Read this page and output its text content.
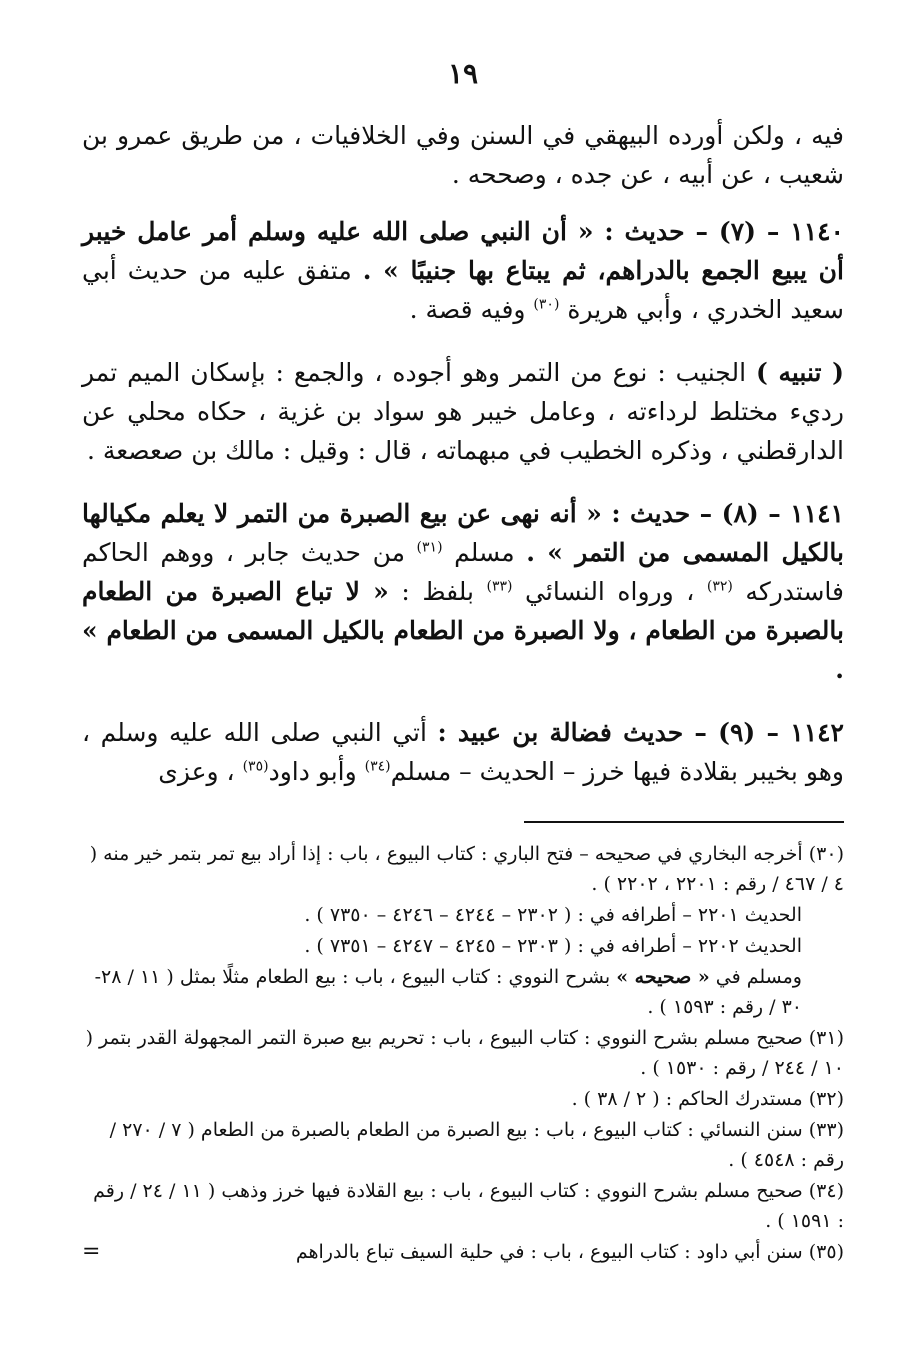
١٩

فيه ، ولكن أورده البيهقي في السنن وفي الخلافيات ، من طريق عمرو بن شعيب ، عن أبيه ، عن جده ، وصححه .

١١٤٠ – (٧) – حديث : « أن النبي صلى الله عليه وسلم أمر عامل خيبر أن يبيع الجمع بالدراهم، ثم يبتاع بها جنيبًا » . متفق عليه من حديث أبي سعيد الخدري ، وأبي هريرة $^{(٣٠)}$ وفيه قصة .

( تنبيه ) الجنيب : نوع من التمر وهو أجوده ، والجمع : بإسكان الميم تمر رديء مختلط لرداءته ، وعامل خيبر هو سواد بن غزية ، حكاه محلي عن الدارقطني ، وذكره الخطيب في مبهماته ، قال : وقيل : مالك بن صعصعة .

١١٤١ – (٨) – حديث : « أنه نهى عن بيع الصبرة من التمر لا يعلم مكيالها بالكيل المسمى من التمر » . مسلم $^{(٣١)}$ من حديث جابر ، ووهم الحاكم فاستدركه $^{(٣٢)}$ ، ورواه النسائي $^{(٣٣)}$ بلفظ : « لا تباع الصبرة من الطعام بالصبرة من الطعام ، ولا الصبرة من الطعام بالكيل المسمى من الطعام » .

١١٤٢ – (٩) – حديث فضالة بن عبيد : أتي النبي صلى الله عليه وسلم ، وهو بخيبر بقلادة فيها خرز – الحديث – مسلم$^{(٣٤)}$ وأبو داود$^{(٣٥)}$ ، وعزى

(٣٠) أخرجه البخاري في صحيحه – فتح الباري : كتاب البيوع ، باب : إذا أراد بيع تمر بتمر خير منه ( ٤ / ٤٦٧ / رقم : ٢٢٠١ ، ٢٢٠٢ ) .

الحديث ٢٢٠١ – أطرافه في : ( ٢٣٠٢ – ٤٢٤٤ – ٤٢٤٦ – ٧٣٥٠ ) .

الحديث ٢٢٠٢ – أطرافه في : ( ٢٣٠٣ – ٤٢٤٥ – ٤٢٤٧ – ٧٣٥١ ) .

ومسلم في « صحيحه » بشرح النووي : كتاب البيوع ، باب : بيع الطعام مثلًا بمثل ( ١١ / ٢٨- ٣٠ / رقم : ١٥٩٣ ) .

(٣١) صحيح مسلم بشرح النووي : كتاب البيوع ، باب : تحريم بيع صبرة التمر المجهولة القدر بتمر ( ١٠ / ٢٤٤ / رقم : ١٥٣٠ ) .

(٣٢) مستدرك الحاكم : ( ٢ / ٣٨ ) .

(٣٣) سنن النسائي : كتاب البيوع ، باب : بيع الصبرة من الطعام بالصبرة من الطعام ( ٧ / ٢٧٠ / رقم : ٤٥٤٨ ) .

(٣٤) صحيح مسلم بشرح النووي : كتاب البيوع ، باب : بيع القلادة فيها خرز وذهب ( ١١ / ٢٤ / رقم : ١٥٩١ ) .

(٣٥) سنن أبي داود : كتاب البيوع ، باب : في حلية السيف تباع بالدراهم
=
